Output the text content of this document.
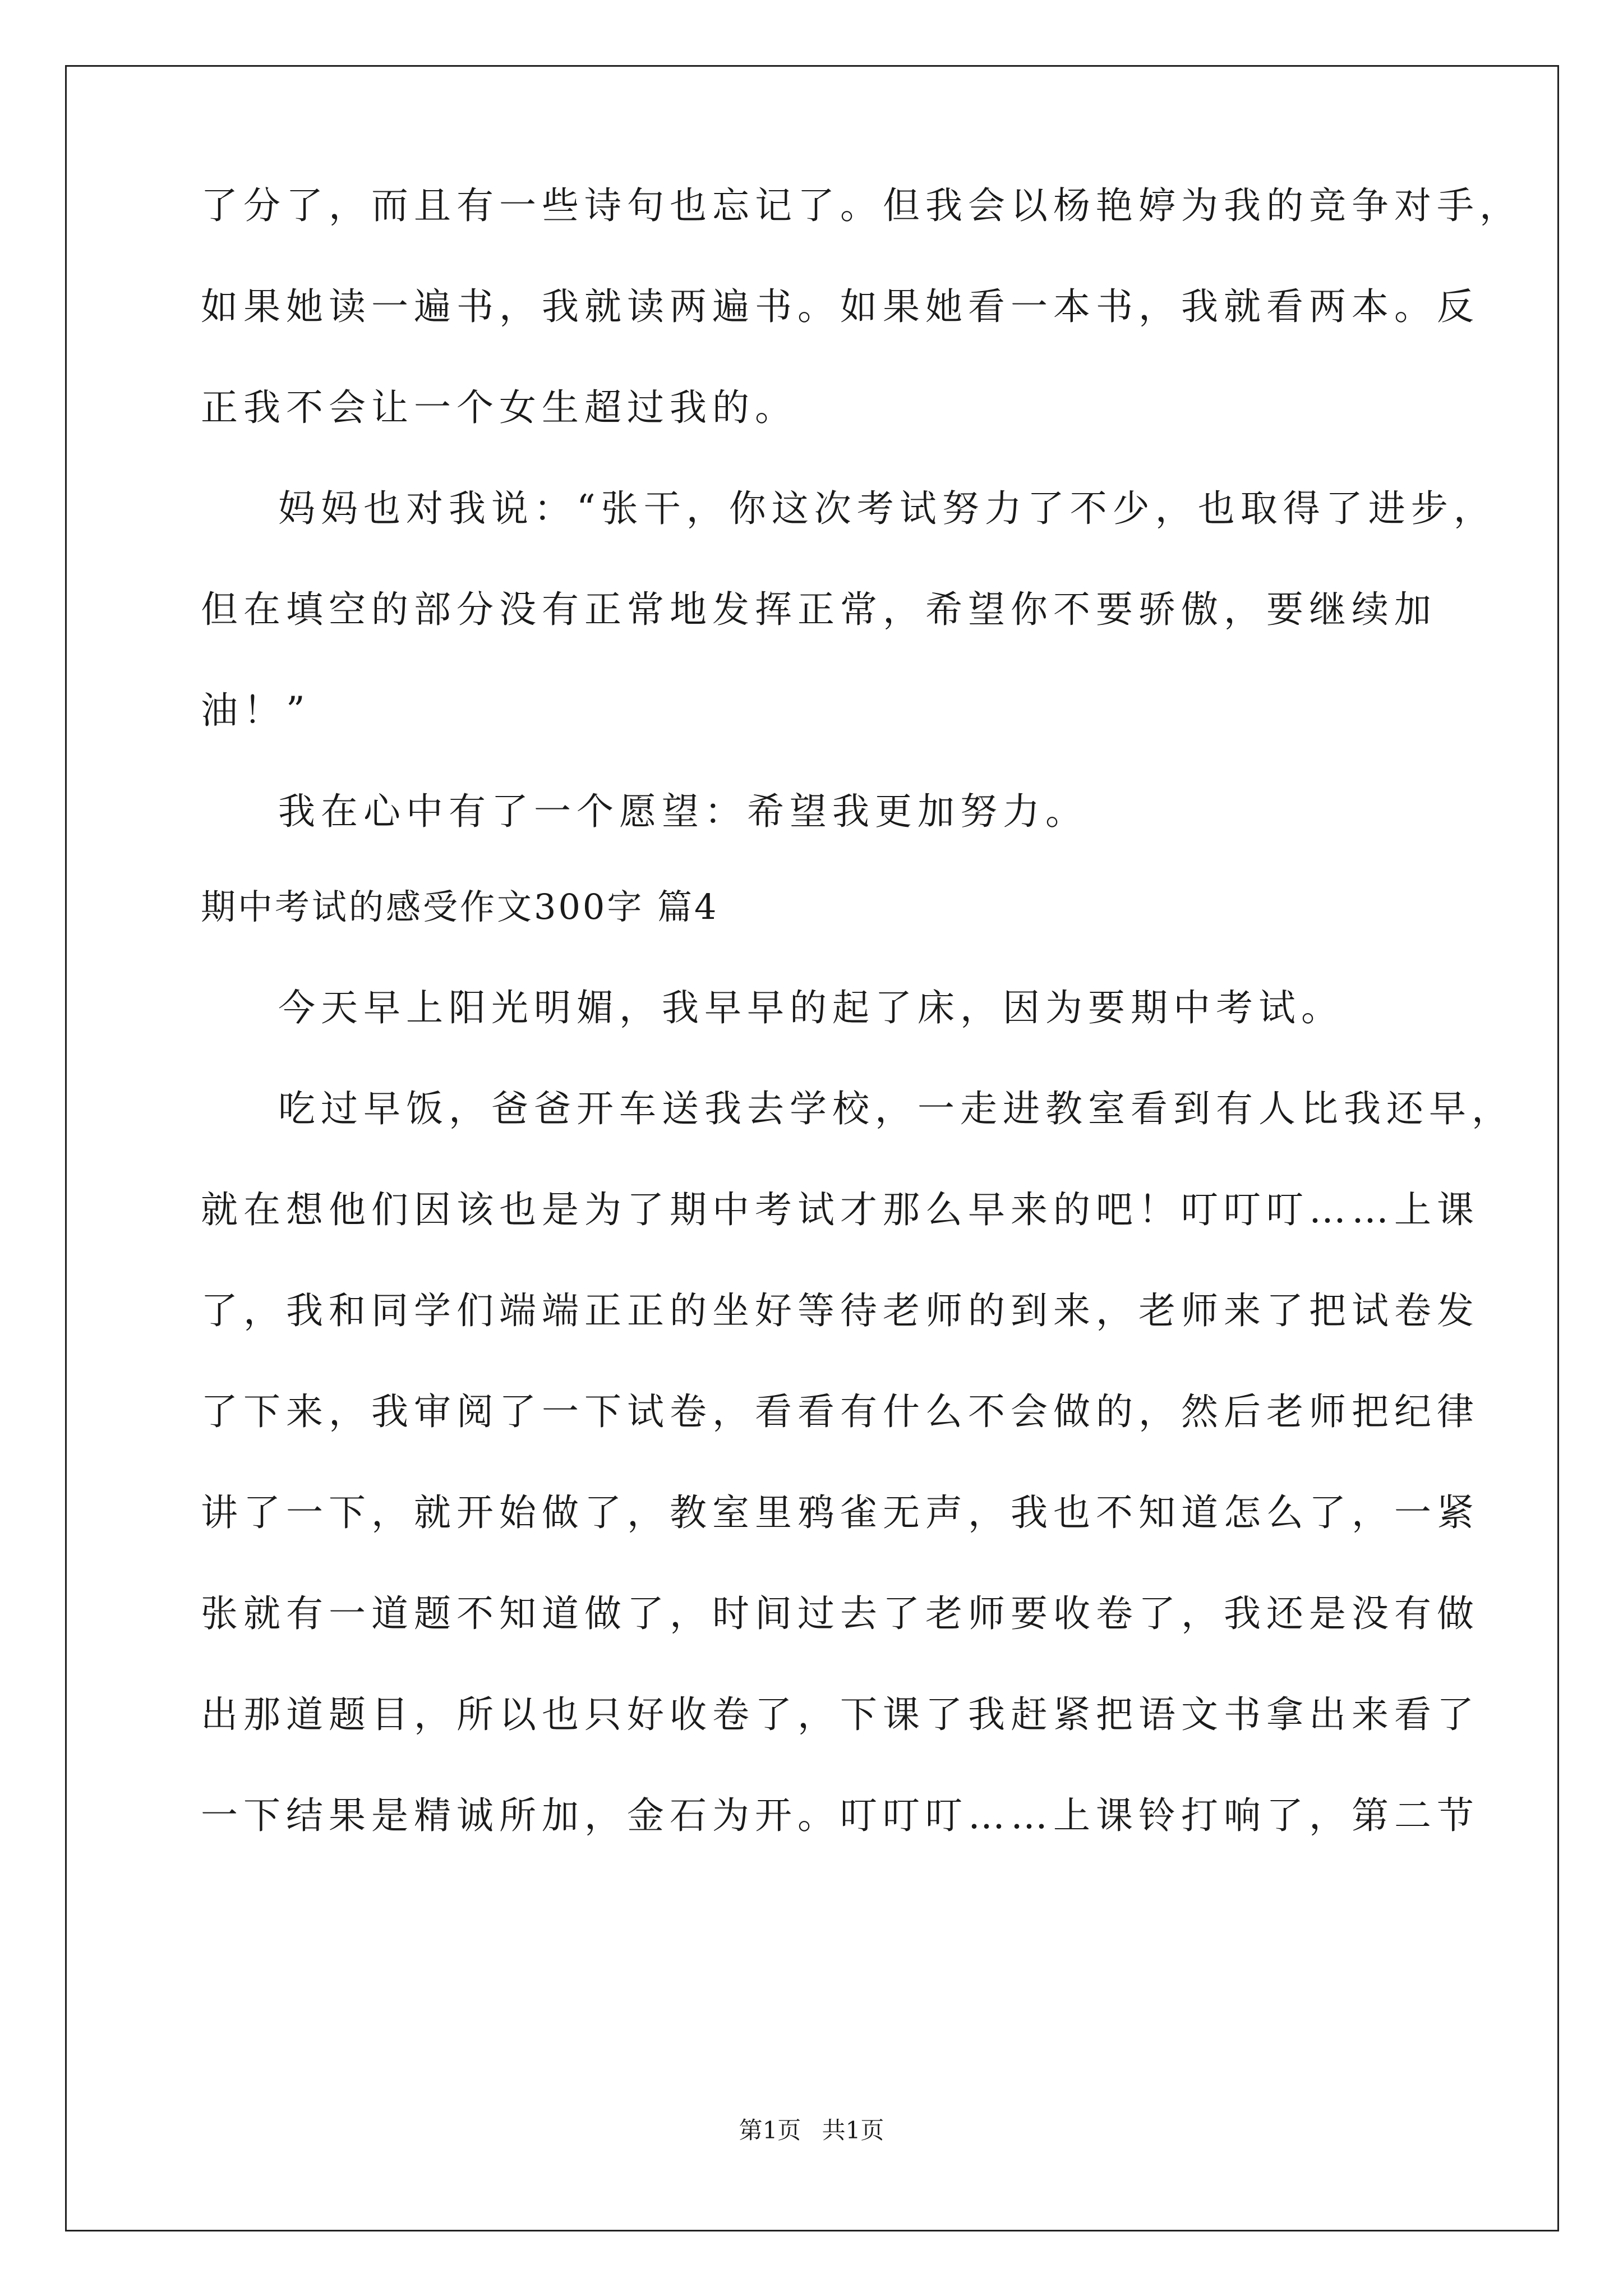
了分了，而且有一些诗句也忘记了。但我会以杨艳婷为我的竞争对手，
如果她读一遍书，我就读两遍书。如果她看一本书，我就看两本。反
正我不会让一个女生超过我的。
妈妈也对我说：“张干，你这次考试努力了不少，也取得了进步，
但在填空的部分没有正常地发挥正常，希望你不要骄傲，要继续加
油！”
我在心中有了一个愿望：希望我更加努力。
期中考试的感受作文300字 篇4
今天早上阳光明媚，我早早的起了床，因为要期中考试。
吃过早饭，爸爸开车送我去学校，一走进教室看到有人比我还早，
就在想他们因该也是为了期中考试才那么早来的吧！叮叮叮……上课
了，我和同学们端端正正的坐好等待老师的到来，老师来了把试卷发
了下来，我审阅了一下试卷，看看有什么不会做的，然后老师把纪律
讲了一下，就开始做了，教室里鸦雀无声，我也不知道怎么了，一紧
张就有一道题不知道做了，时间过去了老师要收卷了，我还是没有做
出那道题目，所以也只好收卷了，下课了我赶紧把语文书拿出来看了
一下结果是精诚所加，金石为开。叮叮叮……上课铃打响了，第二节
第1页 共1页
